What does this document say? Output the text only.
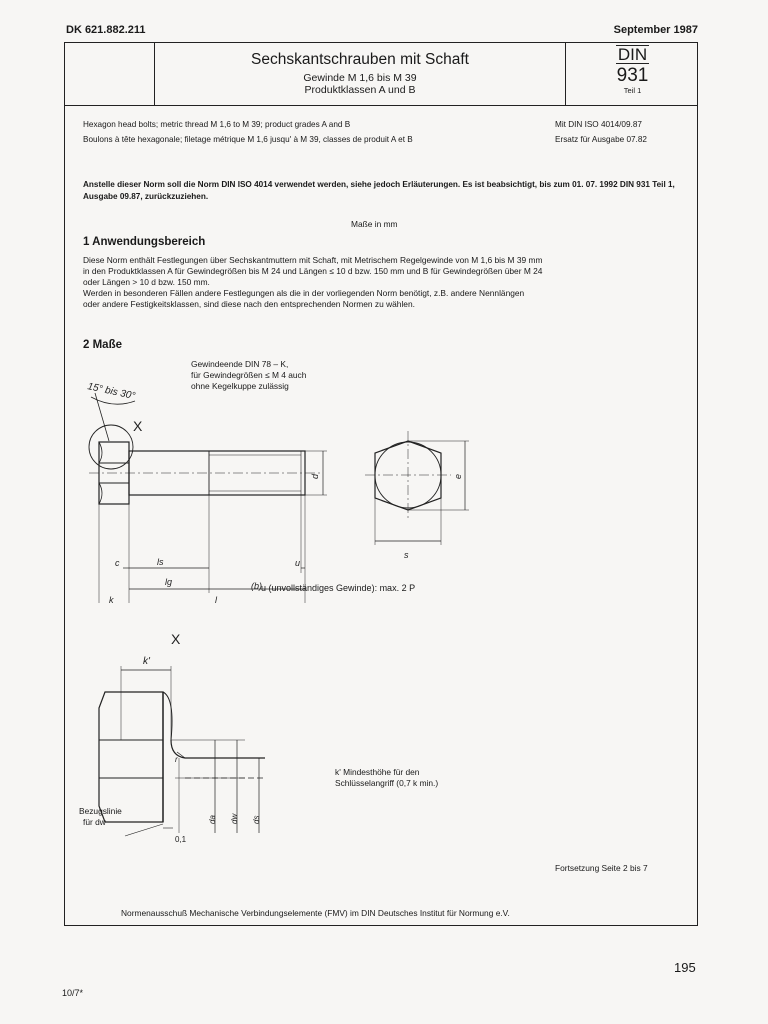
DK 621.882.211	September 1987
Sechskantschrauben mit Schaft
Gewinde M 1,6 bis M 39
Produktklassen A und B
DIN
931
Teil 1
Hexagon head bolts; metric thread M 1,6 to M 39; product grades A and B
Boulons à tête hexagonale; filetage métrique M 1,6 jusqu' à M 39, classes de produit A et B
Mit DIN ISO 4014/09.87
Ersatz für Ausgabe 07.82
Anstelle dieser Norm soll die Norm DIN ISO 4014 verwendet werden, siehe jedoch Erläuterungen. Es ist beabsichtigt, bis zum 01. 07. 1992 DIN 931 Teil 1, Ausgabe 09.87, zurückzuziehen.
Maße in mm
1 Anwendungsbereich
Diese Norm enthält Festlegungen über Sechskantmuttern mit Schaft, mit Metrischem Regelgewinde von M 1,6 bis M 39 mm
in den Produktklassen A für Gewindegrößen bis M 24 und Längen ≤ 10 d bzw. 150 mm und B für Gewindegrößen über M 24
oder Längen > 10 d bzw. 150 mm.
Werden in besonderen Fällen andere Festlegungen als die in der vorliegenden Norm benötigt, z.B. andere Nennlängen
oder andere Festigkeitsklassen, sind diese nach den entsprechenden Normen zu wählen.
2 Maße
Gewindeende DIN 78 – K,
für Gewindegrößen ≤ M 4 auch
ohne Kegelkuppe zulässig
15° bis 30°
X
d
c	ls	u
lg	(b)
k	l
s
e
u (unvollständiges Gewinde): max. 2 P
X
k'
r
da dw ds
0,1
Bezugslinie
für dw
k' Mindesthöhe für den
Schlüsselangriff (0,7 k min.)
Fortsetzung Seite 2 bis 7
Normenausschuß Mechanische Verbindungselemente (FMV) im DIN Deutsches Institut für Normung e.V.
195
10/7*
